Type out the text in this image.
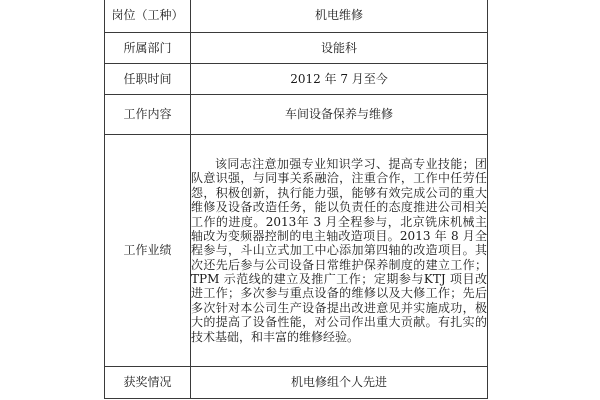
岗位（工种）	机电维修
所属部门	设能科
任职时间	2012 年 7 月至今
工作内容	车间设备保养与维修
工作业绩	该同志注意加强专业知识学习、提高专业技能；团队意识强，与同事关系融洽，注重合作，工作中任劳任怨，积极创新，执行能力强，能够有效完成公司的重大维修及设备改造任务，能以负责任的态度推进公司相关工作的进度。2013年 3 月全程参与，北京铣床机械主轴改为变频器控制的电主轴改造项目。2013 年 8 月全程参与，斗山立式加工中心添加第四轴的改造项目。其次还先后参与公司设备日常维护保养制度的建立工作；TPM 示范线的建立及推广工作；定期参与KTJ 项目改进工作；多次参与重点设备的维修以及大修工作；先后多次针对本公司生产设备提出改进意见并实施成功，极大的提高了设备性能，对公司作出重大贡献。有扎实的技术基础，和丰富的维修经验。

获奖情况	机电修组个人先进
